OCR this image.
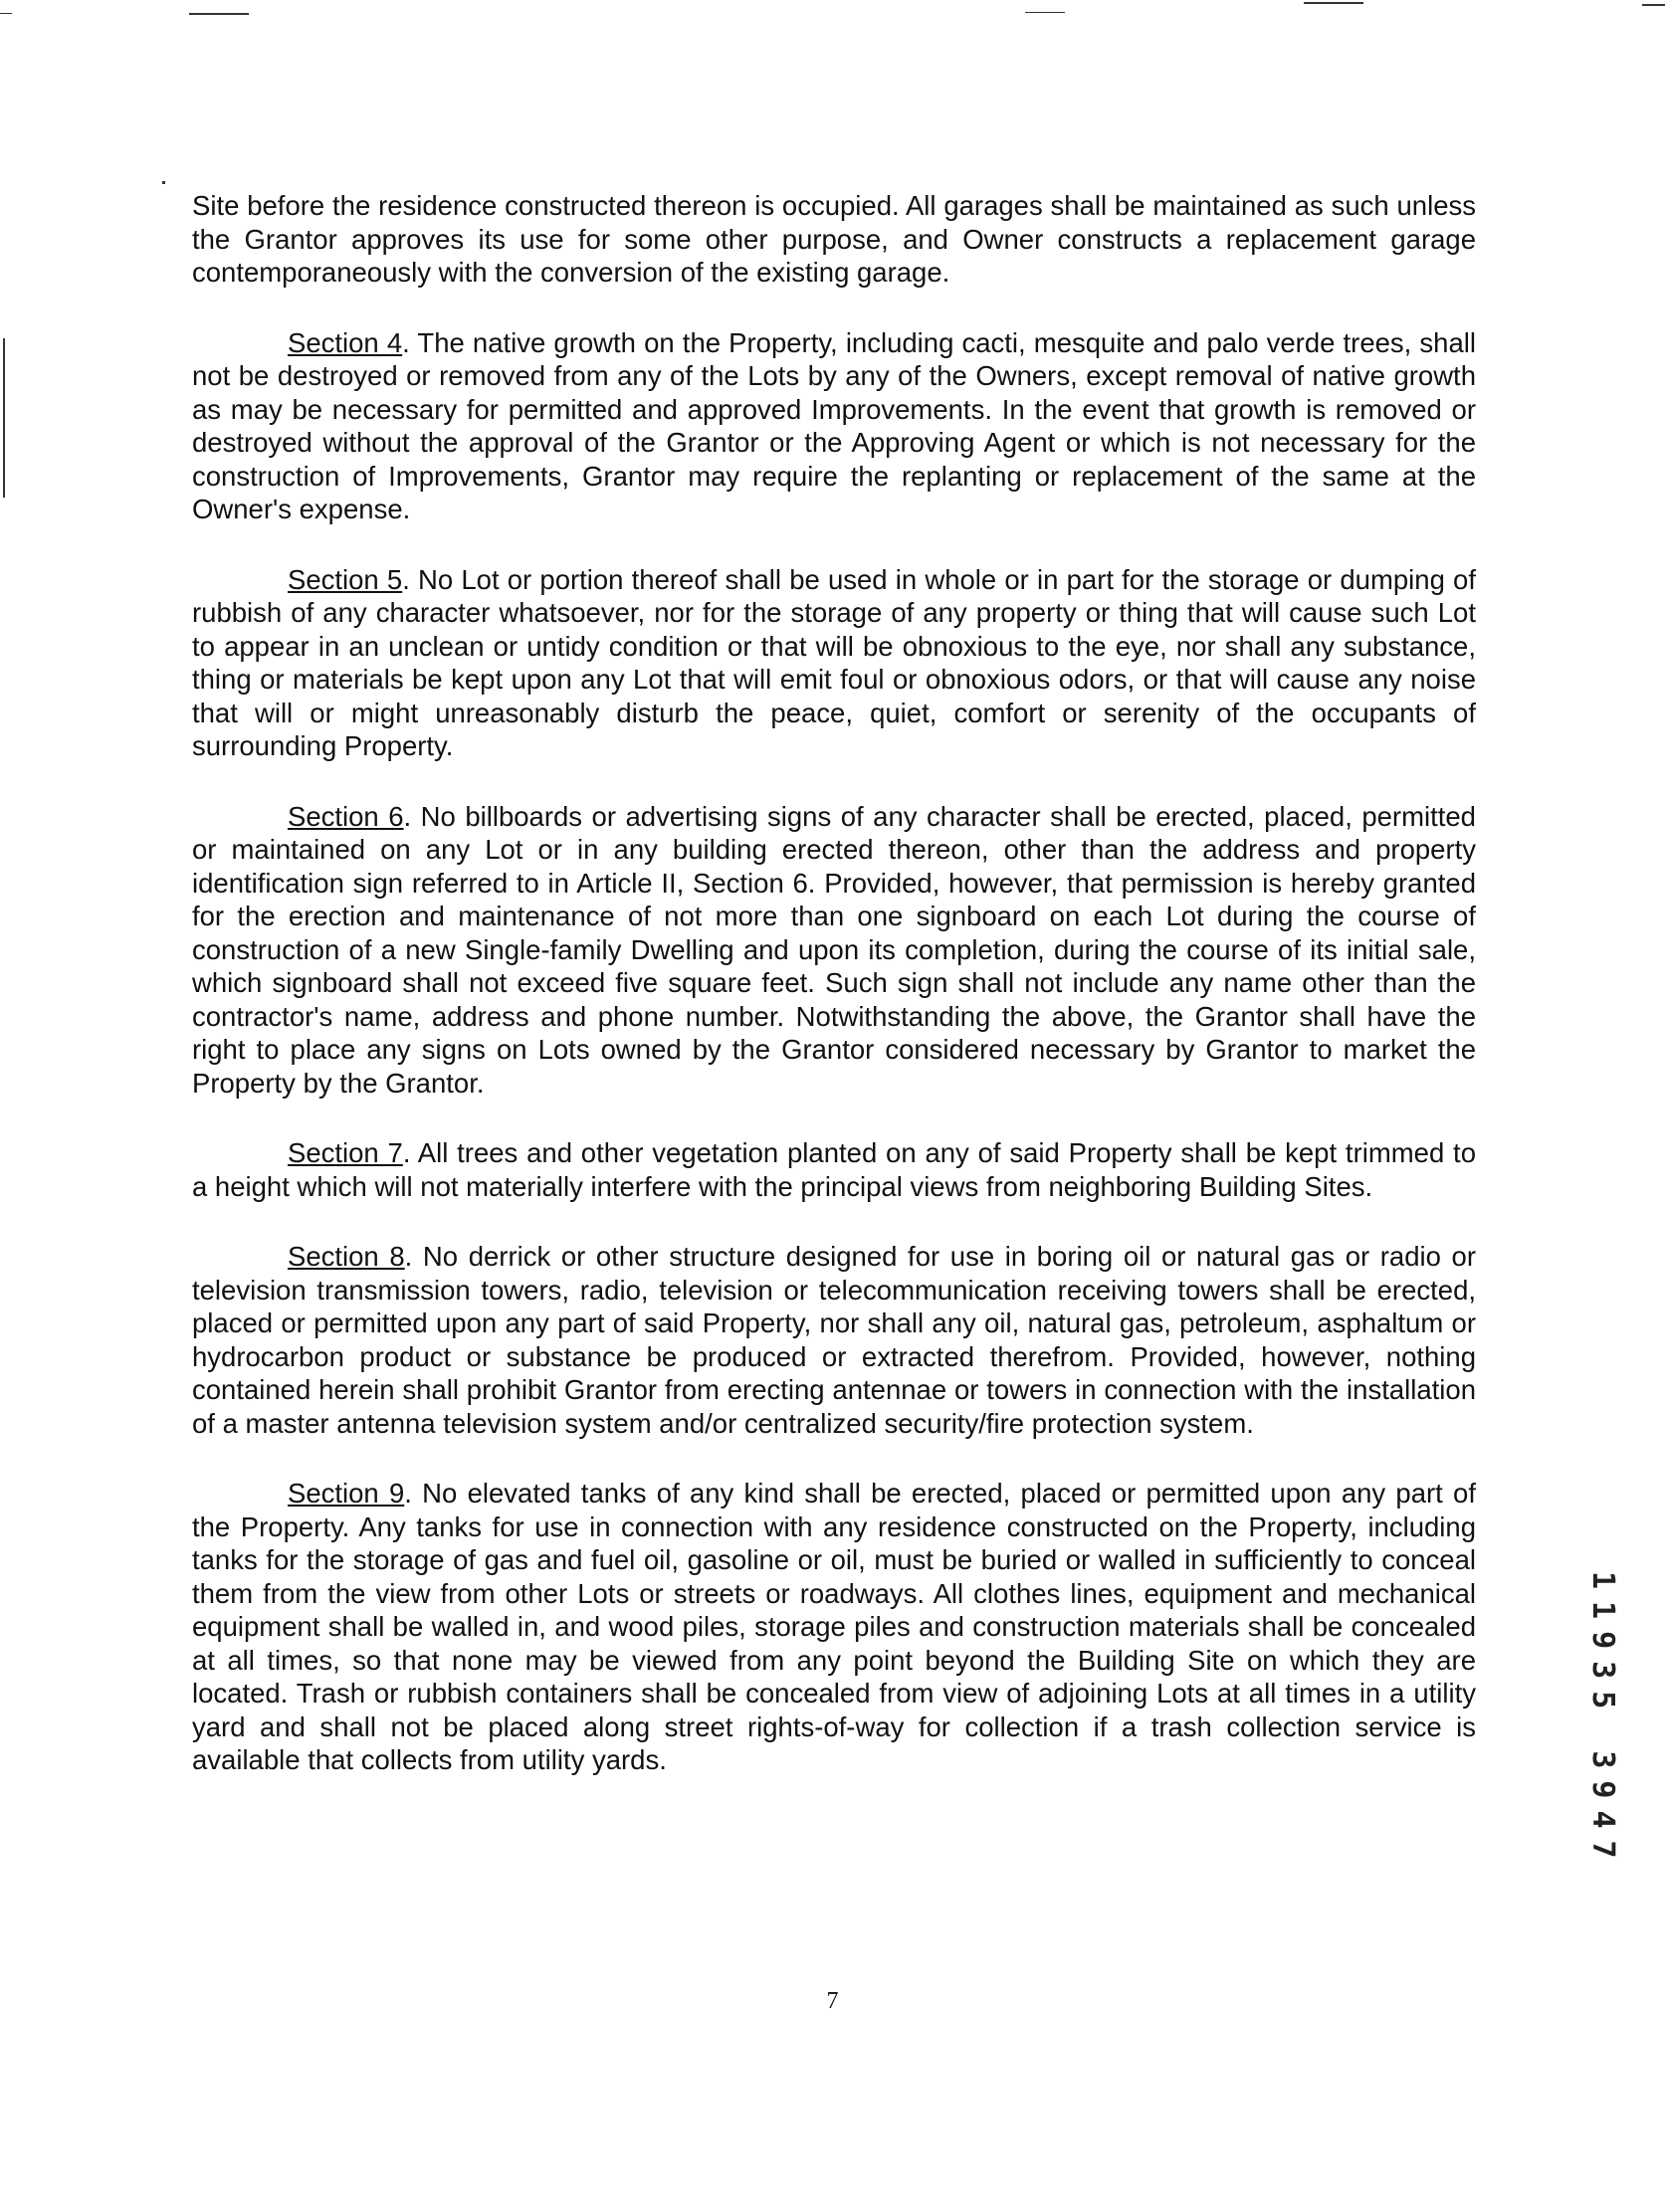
Site before the residence constructed thereon is occupied. All garages shall be maintained as such unless the Grantor approves its use for some other purpose, and Owner constructs a replacement garage contemporaneously with the conversion of the existing garage.

Section 4. The native growth on the Property, including cacti, mesquite and palo verde trees, shall not be destroyed or removed from any of the Lots by any of the Owners, except removal of native growth as may be necessary for permitted and approved Improvements. In the event that growth is removed or destroyed without the approval of the Grantor or the Approving Agent or which is not necessary for the construction of Improvements, Grantor may require the replanting or replacement of the same at the Owner's expense.

Section 5. No Lot or portion thereof shall be used in whole or in part for the storage or dumping of rubbish of any character whatsoever, nor for the storage of any property or thing that will cause such Lot to appear in an unclean or untidy condition or that will be obnoxious to the eye, nor shall any substance, thing or materials be kept upon any Lot that will emit foul or obnoxious odors, or that will cause any noise that will or might unreasonably disturb the peace, quiet, comfort or serenity of the occupants of surrounding Property.

Section 6. No billboards or advertising signs of any character shall be erected, placed, permitted or maintained on any Lot or in any building erected thereon, other than the address and property identification sign referred to in Article II, Section 6. Provided, however, that permission is hereby granted for the erection and maintenance of not more than one signboard on each Lot during the course of construction of a new Single-family Dwelling and upon its completion, during the course of its initial sale, which signboard shall not exceed five square feet. Such sign shall not include any name other than the contractor's name, address and phone number. Notwithstanding the above, the Grantor shall have the right to place any signs on Lots owned by the Grantor considered necessary by Grantor to market the Property by the Grantor.

Section 7. All trees and other vegetation planted on any of said Property shall be kept trimmed to a height which will not materially interfere with the principal views from neighboring Building Sites.

Section 8. No derrick or other structure designed for use in boring oil or natural gas or radio or television transmission towers, radio, television or telecommunication receiving towers shall be erected, placed or permitted upon any part of said Property, nor shall any oil, natural gas, petroleum, asphaltum or hydrocarbon product or substance be produced or extracted therefrom. Provided, however, nothing contained herein shall prohibit Grantor from erecting antennae or towers in connection with the installation of a master antenna television system and/or centralized security/fire protection system.

Section 9. No elevated tanks of any kind shall be erected, placed or permitted upon any part of the Property. Any tanks for use in connection with any residence constructed on the Property, including tanks for the storage of gas and fuel oil, gasoline or oil, must be buried or walled in sufficiently to conceal them from the view from other Lots or streets or roadways. All clothes lines, equipment and mechanical equipment shall be walled in, and wood piles, storage piles and construction materials shall be concealed at all times, so that none may be viewed from any point beyond the Building Site on which they are located. Trash or rubbish containers shall be concealed from view of adjoining Lots at all times in a utility yard and shall not be placed along street rights-of-way for collection if a trash collection service is available that collects from utility yards.

7
11935 3947
